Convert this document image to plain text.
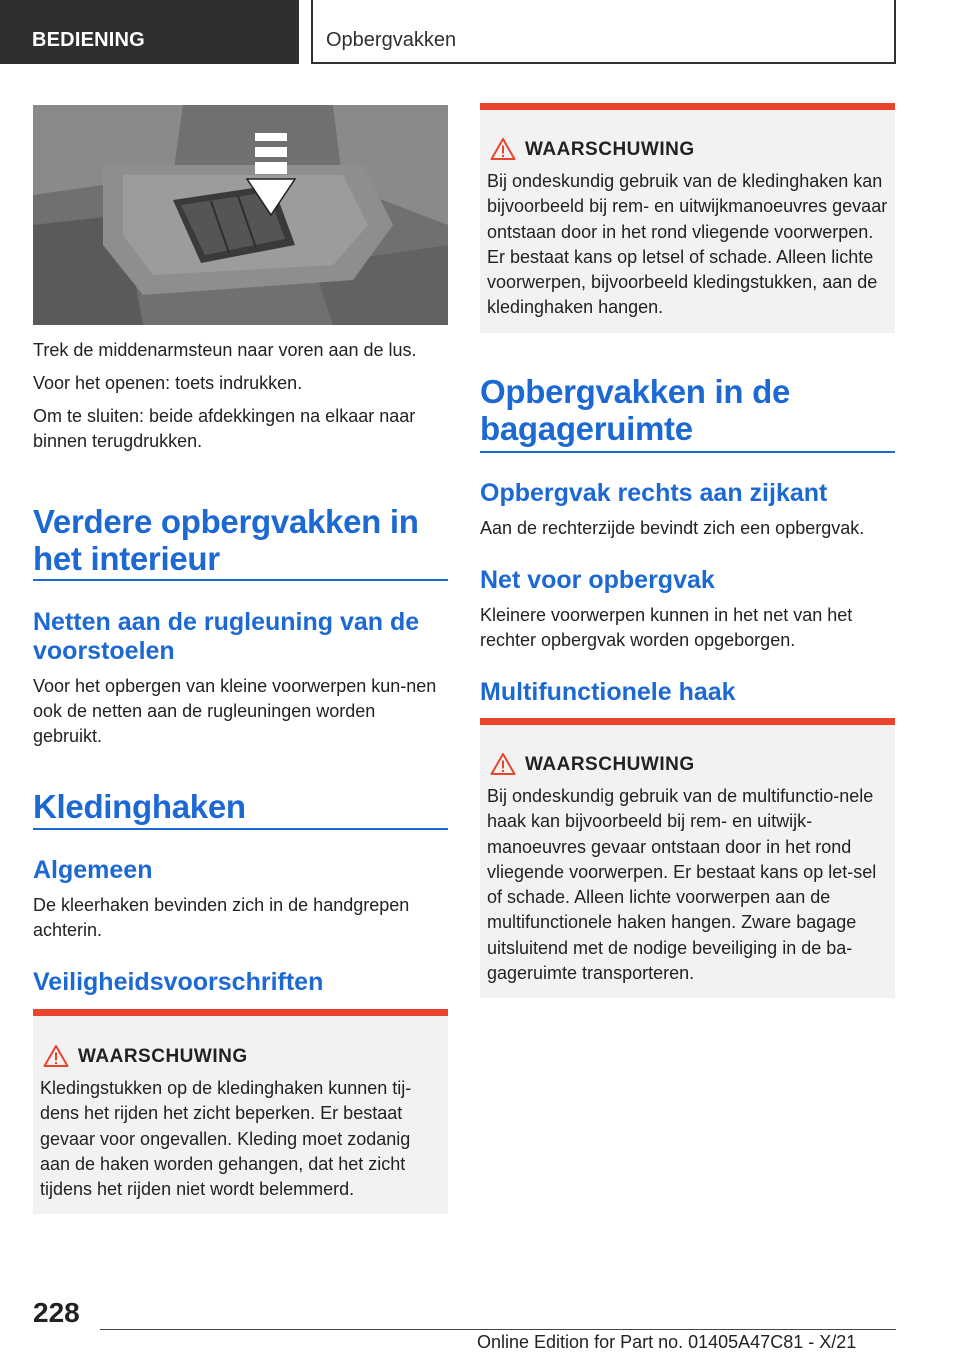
BEDIENING	Opbergvakken
Trek de middenarmsteun naar voren aan de lus.
Voor het openen: toets indrukken.
Om te sluiten: beide afdekkingen na elkaar naar binnen terugdrukken.
Verdere opbergvakken in het interieur
Netten aan de rugleuning van de voorstoelen
Voor het opbergen van kleine voorwerpen kun-nen ook de netten aan de rugleuningen worden gebruikt.
Kledinghaken
Algemeen
De kleerhaken bevinden zich in de handgrepen achterin.
Veiligheidsvoorschriften
WAARSCHUWING
Kledingstukken op de kledinghaken kunnen tij-dens het rijden het zicht beperken. Er bestaat gevaar voor ongevallen. Kleding moet zodanig aan de haken worden gehangen, dat het zicht tijdens het rijden niet wordt belemmerd.
WAARSCHUWING
Bij ondeskundig gebruik van de kledinghaken kan bijvoorbeeld bij rem- en uitwijkmanoeuvres gevaar ontstaan door in het rond vliegende voorwerpen. Er bestaat kans op letsel of schade. Alleen lichte voorwerpen, bijvoorbeeld kledingstukken, aan de kledinghaken hangen.
Opbergvakken in de bagageruimte
Opbergvak rechts aan zijkant
Aan de rechterzijde bevindt zich een opbergvak.
Net voor opbergvak
Kleinere voorwerpen kunnen in het net van het rechter opbergvak worden opgeborgen.
Multifunctionele haak
WAARSCHUWING
Bij ondeskundig gebruik van de multifunctio-nele haak kan bijvoorbeeld bij rem- en uitwijk-manoeuvres gevaar ontstaan door in het rond vliegende voorwerpen. Er bestaat kans op let-sel of schade. Alleen lichte voorwerpen aan de multifunctionele haken hangen. Zware bagage uitsluitend met de nodige beveiliging in de ba-gageruimte transporteren.
228
Online Edition for Part no. 01405A47C81 - X/21
